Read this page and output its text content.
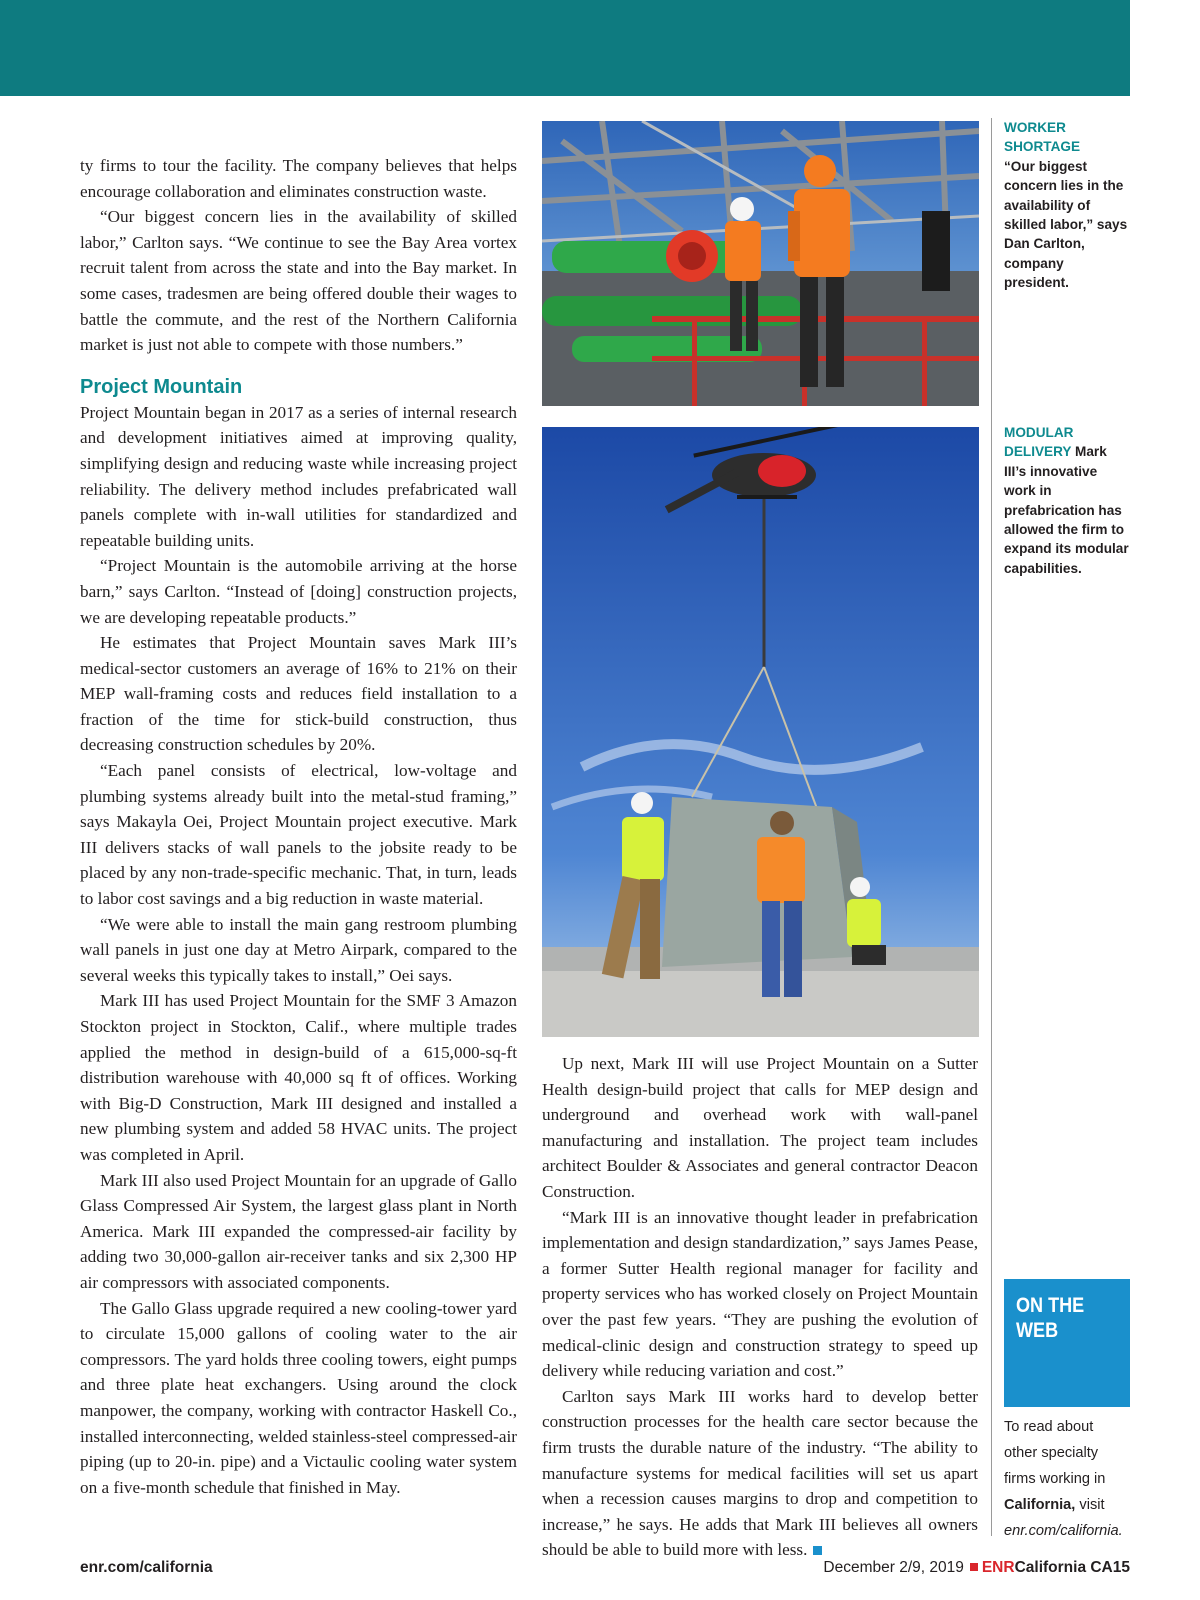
ty firms to tour the facility. The company believes that helps encourage collaboration and eliminates construction waste.

“Our biggest concern lies in the availability of skilled labor,” Carlton says. “We continue to see the Bay Area vortex recruit talent from across the state and into the Bay market. In some cases, tradesmen are being offered double their wages to battle the commute, and the rest of the Northern California market is just not able to compete with those numbers.”

Project Mountain

Project Mountain began in 2017 as a series of internal research and development initiatives aimed at improving quality, simplifying design and reducing waste while increasing project reliability. The delivery method includes prefabricated wall panels complete with in-wall utilities for standardized and repeatable building units.

“Project Mountain is the automobile arriving at the horse barn,” says Carlton. “Instead of [doing] construction projects, we are developing repeatable products.”

He estimates that Project Mountain saves Mark III’s medical-sector customers an average of 16% to 21% on their MEP wall-framing costs and reduces field installation to a fraction of the time for stick-build construction, thus decreasing construction schedules by 20%.

“Each panel consists of electrical, low-voltage and plumbing systems already built into the metal-stud framing,” says Makayla Oei, Project Mountain project executive. Mark III delivers stacks of wall panels to the jobsite ready to be placed by any non-trade-specific mechanic. That, in turn, leads to labor cost savings and a big reduction in waste material.

“We were able to install the main gang restroom plumbing wall panels in just one day at Metro Airpark, compared to the several weeks this typically takes to install,” Oei says.

Mark III has used Project Mountain for the SMF 3 Amazon Stockton project in Stockton, Calif., where multiple trades applied the method in design-build of a 615,000-sq-ft distribution warehouse with 40,000 sq ft of offices. Working with Big-D Construction, Mark III designed and installed a new plumbing system and added 58 HVAC units. The project was completed in April.

Mark III also used Project Mountain for an upgrade of Gallo Glass Compressed Air System, the largest glass plant in North America. Mark III expanded the compressed-air facility by adding two 30,000-gallon air-receiver tanks and six 2,300 HP air compressors with associated components.

The Gallo Glass upgrade required a new cooling-tower yard to circulate 15,000 gallons of cooling water to the air compressors. The yard holds three cooling towers, eight pumps and three plate heat exchangers. Using around the clock manpower, the company, working with contractor Haskell Co., installed interconnecting, welded stainless-steel compressed-air piping (up to 20-in. pipe) and a Victaulic cooling water system on a five-month schedule that finished in May.

WORKER SHORTAGE
“Our biggest concern lies in the availability of skilled labor,” says Dan Carlton, company president.
MODULAR DELIVERY Mark III’s innovative work in prefabrication has allowed the firm to expand its modular capabilities.

Up next, Mark III will use Project Mountain on a Sutter Health design-build project that calls for MEP design and underground and overhead work with wall-panel manufacturing and installation. The project team includes architect Boulder & Associates and general contractor Deacon Construction.

“Mark III is an innovative thought leader in prefabrication implementation and design standardization,” says James Pease, a former Sutter Health regional manager for facility and property services who has worked closely on Project Mountain over the past few years. “They are pushing the evolution of medical-clinic design and construction strategy to speed up delivery while reducing variation and cost.”

Carlton says Mark III works hard to develop better construction processes for the health care sector because the firm trusts the durable nature of the industry. “The ability to manufacture systems for medical facilities will set us apart when a recession causes margins to drop and competition to increase,” he says. He adds that Mark III believes all owners should be able to build more with less.

ON THE
WEB
To read about other specialty firms working in California, visit enr.com/california.
enr.com/california	December 2/9, 2019 ENRCalifornia CA15
